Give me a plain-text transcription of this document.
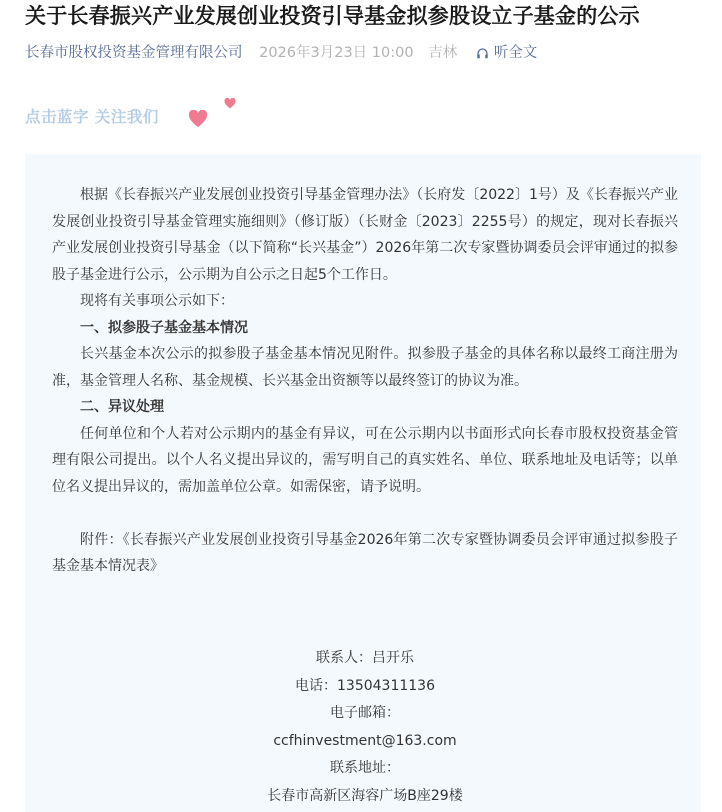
关于长春振兴产业发展创业投资引导基金拟参股设立子基金的公示
长春市股权投资基金管理有限公司 2026年3月23日 10:00 吉林	听全文
点击蓝字 关注我们

根据《长春振兴产业发展创业投资引导基金管理办法》（长府发〔2022〕1号）及《长春振兴产业发展创业投资引导基金管理实施细则》（修订版）（长财金〔2023〕2255号）的规定，现对长春振兴产业发展创业投资引导基金（以下简称“长兴基金”）2026年第二次专家暨协调委员会评审通过的拟参股子基金进行公示，公示期为自公示之日起5个工作日。

现将有关事项公示如下：

一、拟参股子基金基本情况

长兴基金本次公示的拟参股子基金基本情况见附件。拟参股子基金的具体名称以最终工商注册为准，基金管理人名称、基金规模、长兴基金出资额等以最终签订的协议为准。

二、异议处理

任何单位和个人若对公示期内的基金有异议，可在公示期内以书面形式向长春市股权投资基金管理有限公司提出。以个人名义提出异议的，需写明自己的真实姓名、单位、联系地址及电话等；以单位名义提出异议的，需加盖单位公章。如需保密，请予说明。

附件：《长春振兴产业发展创业投资引导基金2026年第二次专家暨协调委员会评审通过拟参股子基金基本情况表》

联系人：吕开乐
电话：13504311136
电子邮箱：
ccfhinvestment@163.com
联系地址：
长春市高新区海容广场B座29楼
